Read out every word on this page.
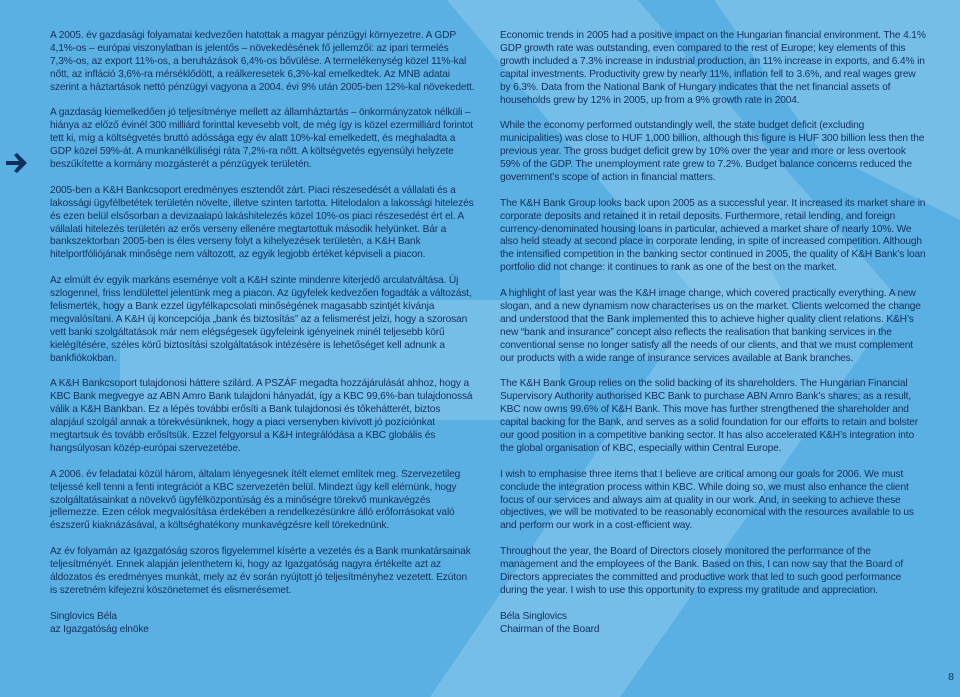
A 2005. év gazdasági folyamatai kedvezően hatottak a magyar pénzügyi környezetre. A GDP 4,1%-os – európai viszonylatban is jelentős – növekedésének fő jellemzői: az ipari termelés 7,3%-os, az export 11%-os, a beruházások 6,4%-os bővülése. A termelékenység közel 11%-kal nőtt, az infláció 3,6%-ra mérséklődött, a reálkeresetek 6,3%-kal emelkedtek. Az MNB adatai szerint a háztartások nettó pénzügyi vagyona a 2004. évi 9% után 2005-ben 12%-kal növekedett.

A gazdaság kiemelkedően jó teljesítménye mellett az államháztartás – önkormányzatok nélküli – hiánya az előző évinél 300 milliárd forinttal kevesebb volt, de még így is közel ezermilliárd forintot tett ki, míg a költségvetés bruttó adóssága egy év alatt 10%-kal emelkedett, és meghaladta a GDP közel 59%-át. A munkanélküliségi ráta 7,2%-ra nőtt. A költségvetés egyensúlyi helyzete beszűkítette a kormány mozgásterét a pénzügyek területén.

2005-ben a K&H Bankcsoport eredményes esztendőt zárt. Piaci részesedését a vállalati és a lakossági ügyfélbetétek területén növelte, illetve szinten tartotta. Hitelodalon a lakossági hitelezés és ezen belül elsősorban a devizaalapú lakáshitelezés közel 10%-os piaci részesedést ért el. A vállalati hitelezés területén az erős verseny ellenére megtartottuk második helyünket. Bár a bankszektorban 2005-ben is éles verseny folyt a kihelyezések területén, a K&H Bank hitelportfóliójának minősége nem változott, az egyik legjobb értéket képviseli a piacon.

Az elmúlt év egyik markáns eseménye volt a K&H szinte mindenre kiterjedő arculatváltása. Új szlogennel, friss lendülettel jelentünk meg a piacon. Az ügyfelek kedvezően fogadták a változást, felismerték, hogy a Bank ezzel ügyfélkapcsolati minőségének magasabb szintjét kívánja megvalósítani. A K&H új koncepciója „bank és biztosítás” az a felismerést jelzi, hogy a szorosan vett banki szolgáltatások már nem elégségesek ügyfeleink igényeinek minél teljesebb körű kielégítésére, széles körű biztosítási szolgáltatások intézésére is lehetőséget kell adnunk a bankfiókokban.

A K&H Bankcsoport tulajdonosi háttere szilárd. A PSZÁF megadta hozzájárulását ahhoz, hogy a KBC Bank megvegye az ABN Amro Bank tulajdoni hányadát, így a KBC 99,6%-ban tulajdonossá válik a K&H Bankban. Ez a lépés további erősíti a Bank tulajdonosi és tőkehátterét, biztos alapjául szolgál annak a törekvésünknek, hogy a piaci versenyben kivívott jó pozíciónkat megtartsuk és tovább erősítsük. Ezzel felgyorsul a K&H integrálódása a KBC globális és hangsúlyosan közép-európai szervezetébe.

A 2006. év feladatai közül három, általam lényegesnek ítélt elemet említek meg. Szervezetileg teljessé kell tenni a fenti integrációt a KBC szervezetén belül. Mindezt úgy kell elérnünk, hogy szolgáltatásainkat a növekvő ügyfélközpontúság és a minőségre törekvő munkavégzés jellemezze. Ezen célok megvalósítása érdekében a rendelkezésünkre álló erőforrásokat való észszerű kiaknázásával, a költséghatékony munkavégzésre kell törekednünk.

Az év folyamán az Igazgatóság szoros figyelemmel kísérte a vezetés és a Bank munkatársainak teljesítményét. Ennek alapján jelenthetem ki, hogy az Igazgatóság nagyra értékelte azt az áldozatos és eredményes munkát, mely az év során nyújtott jó teljesítményhez vezetett. Ezúton is szeretném kifejezni köszönetemet és elismerésemet.

Singlovics Béla
az Igazgatóság elnöke

Economic trends in 2005 had a positive impact on the Hungarian financial environment. The 4.1% GDP growth rate was outstanding, even compared to the rest of Europe; key elements of this growth included a 7.3% increase in industrial production, an 11% increase in exports, and 6.4% in capital investments. Productivity grew by nearly 11%, inflation fell to 3.6%, and real wages grew by 6.3%. Data from the National Bank of Hungary indicates that the net financial assets of households grew by 12% in 2005, up from a 9% growth rate in 2004.

While the economy performed outstandingly well, the state budget deficit (excluding municipalities) was close to HUF 1,000 billion, although this figure is HUF 300 billion less then the previous year. The gross budget deficit grew by 10% over the year and more or less overtook 59% of the GDP. The unemployment rate grew to 7.2%. Budget balance concerns reduced the government’s scope of action in financial matters.

The K&H Bank Group looks back upon 2005 as a successful year. It increased its market share in corporate deposits and retained it in retail deposits. Furthermore, retail lending, and foreign currency-denominated housing loans in particular, achieved a market share of nearly 10%. We also held steady at second place in corporate lending, in spite of increased competition. Although the intensified competition in the banking sector continued in 2005, the quality of K&H Bank’s loan portfolio did not change: it continues to rank as one of the best on the market.

A highlight of last year was the K&H image change, which covered practically everything. A new slogan, and a new dynamism now characterises us on the market. Clients welcomed the change and understood that the Bank implemented this to achieve higher quality client relations. K&H’s new “bank and insurance” concept also reflects the realisation that banking services in the conventional sense no longer satisfy all the needs of our clients, and that we must complement our products with a wide range of insurance services available at Bank branches.

The K&H Bank Group relies on the solid backing of its shareholders. The Hungarian Financial Supervisory Authority authorised KBC Bank to purchase ABN Amro Bank’s shares; as a result, KBC now owns 99.6% of K&H Bank. This move has further strengthened the shareholder and capital backing for the Bank, and serves as a solid foundation for our efforts to retain and bolster our good position in a competitive banking sector. It has also accelerated K&H’s integration into the global organisation of KBC, especially within Central Europe.

I wish to emphasise three items that I believe are critical among our goals for 2006. We must conclude the integration process within KBC. While doing so, we must also enhance the client focus of our services and always aim at quality in our work. And, in seeking to achieve these objectives, we will be motivated to be reasonably economical with the resources available to us and perform our work in a cost-efficient way.

Throughout the year, the Board of Directors closely monitored the performance of the management and the employees of the Bank. Based on this, I can now say that the Board of Directors appreciates the committed and productive work that led to such good performance during the year. I wish to use this opportunity to express my gratitude and appreciation.

Béla Singlovics
Chairman of the Board
8
